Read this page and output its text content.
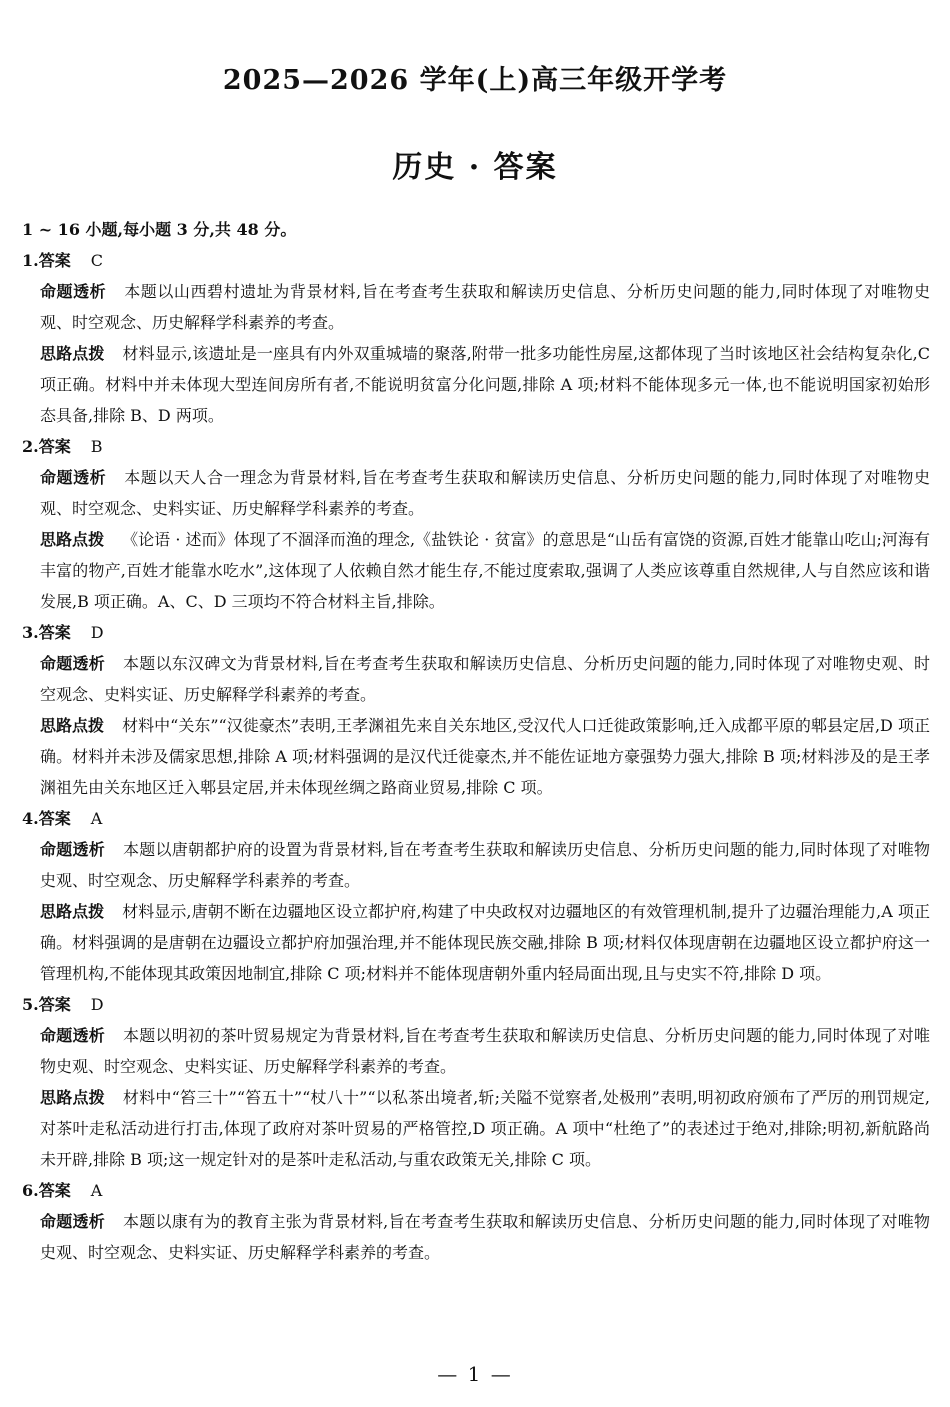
2025—2026 学年(上)高三年级开学考
历史 · 答案
1 ~ 16 小题,每小题 3 分,共 48 分。

1.答案 C

命题透析 本题以山西碧村遗址为背景材料,旨在考查考生获取和解读历史信息、分析历史问题的能力,同时体现了对唯物史观、时空观念、历史解释学科素养的考查。

思路点拨 材料显示,该遗址是一座具有内外双重城墙的聚落,附带一批多功能性房屋,这都体现了当时该地区社会结构复杂化,C 项正确。材料中并未体现大型连间房所有者,不能说明贫富分化问题,排除 A 项;材料不能体现多元一体,也不能说明国家初始形态具备,排除 B、D 两项。

2.答案 B

命题透析 本题以天人合一理念为背景材料,旨在考查考生获取和解读历史信息、分析历史问题的能力,同时体现了对唯物史观、时空观念、史料实证、历史解释学科素养的考查。

思路点拨 《论语 · 述而》体现了不涸泽而渔的理念,《盐铁论 · 贫富》的意思是“山岳有富饶的资源,百姓才能靠山吃山;河海有丰富的物产,百姓才能靠水吃水”,这体现了人依赖自然才能生存,不能过度索取,强调了人类应该尊重自然规律,人与自然应该和谐发展,B 项正确。A、C、D 三项均不符合材料主旨,排除。

3.答案 D

命题透析 本题以东汉碑文为背景材料,旨在考查考生获取和解读历史信息、分析历史问题的能力,同时体现了对唯物史观、时空观念、史料实证、历史解释学科素养的考查。

思路点拨 材料中“关东”“汉徙豪杰”表明,王孝渊祖先来自关东地区,受汉代人口迁徙政策影响,迁入成都平原的郫县定居,D 项正确。材料并未涉及儒家思想,排除 A 项;材料强调的是汉代迁徙豪杰,并不能佐证地方豪强势力强大,排除 B 项;材料涉及的是王孝渊祖先由关东地区迁入郫县定居,并未体现丝绸之路商业贸易,排除 C 项。

4.答案 A

命题透析 本题以唐朝都护府的设置为背景材料,旨在考查考生获取和解读历史信息、分析历史问题的能力,同时体现了对唯物史观、时空观念、历史解释学科素养的考查。

思路点拨 材料显示,唐朝不断在边疆地区设立都护府,构建了中央政权对边疆地区的有效管理机制,提升了边疆治理能力,A 项正确。材料强调的是唐朝在边疆设立都护府加强治理,并不能体现民族交融,排除 B 项;材料仅体现唐朝在边疆地区设立都护府这一管理机构,不能体现其政策因地制宜,排除 C 项;材料并不能体现唐朝外重内轻局面出现,且与史实不符,排除 D 项。

5.答案 D

命题透析 本题以明初的茶叶贸易规定为背景材料,旨在考查考生获取和解读历史信息、分析历史问题的能力,同时体现了对唯物史观、时空观念、史料实证、历史解释学科素养的考查。

思路点拨 材料中“笞三十”“笞五十”“杖八十”“以私茶出境者,斩;关隘不觉察者,处极刑”表明,明初政府颁布了严厉的刑罚规定,对茶叶走私活动进行打击,体现了政府对茶叶贸易的严格管控,D 项正确。A 项中“杜绝了”的表述过于绝对,排除;明初,新航路尚未开辟,排除 B 项;这一规定针对的是茶叶走私活动,与重农政策无关,排除 C 项。

6.答案 A

命题透析 本题以康有为的教育主张为背景材料,旨在考查考生获取和解读历史信息、分析历史问题的能力,同时体现了对唯物史观、时空观念、史料实证、历史解释学科素养的考查。

— 1 —
